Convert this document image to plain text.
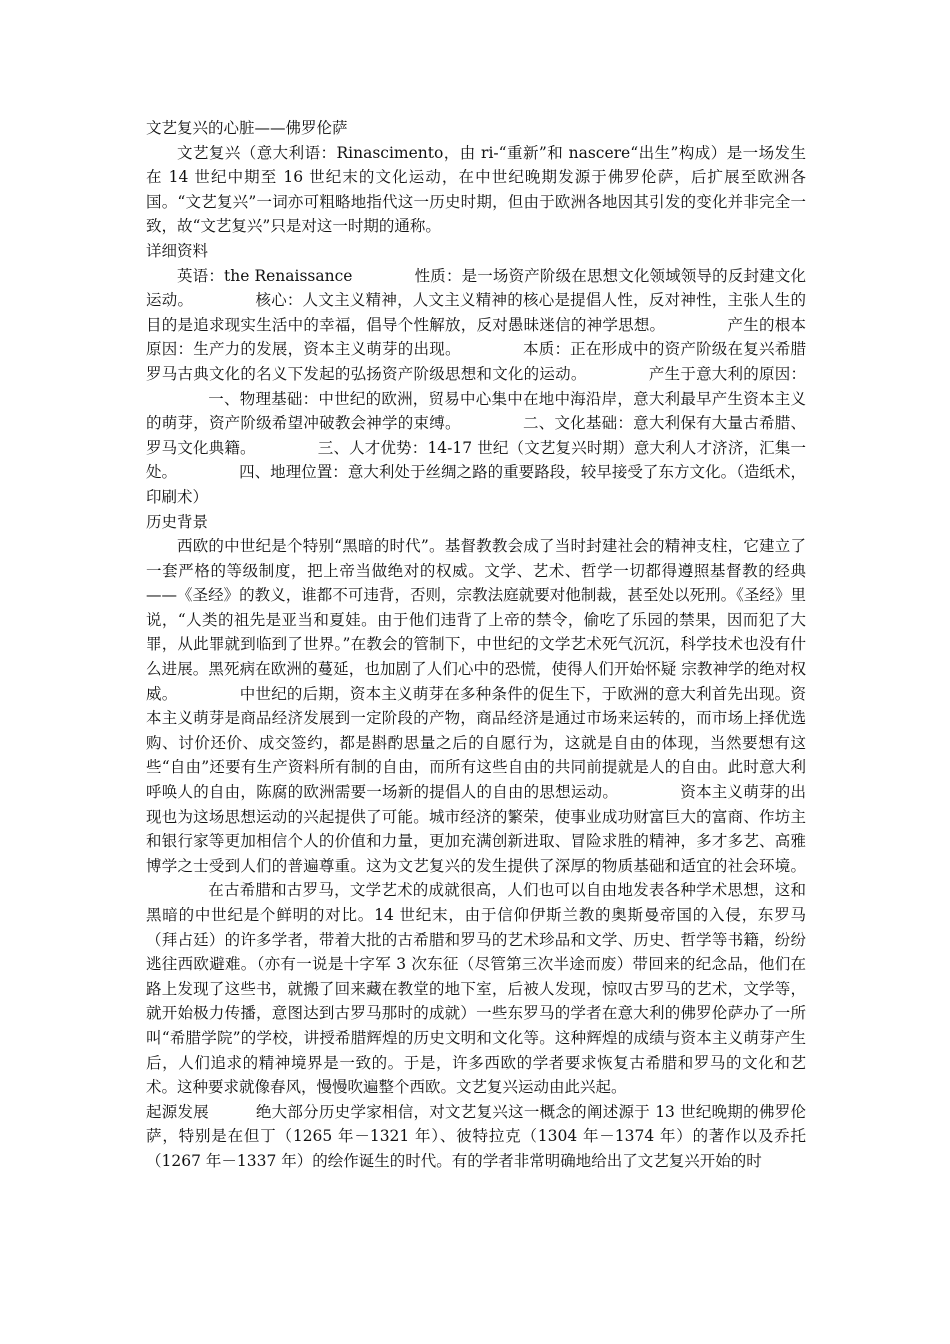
文艺复兴的心脏——佛罗伦萨

文艺复兴（意大利语：Rinascimento，由 ri-“重新”和 nascere“出生”构成）是一场发生在 14 世纪中期至 16 世纪末的文化运动，在中世纪晚期发源于佛罗伦萨，后扩展至欧洲各国。“文艺复兴”一词亦可粗略地指代这一历史时期，但由于欧洲各地因其引发的变化并非完全一致，故“文艺复兴”只是对这一时期的通称。

详细资料

英语：the Renaissance	性质：是一场资产阶级在思想文化领域领导的反封建文化运动。	核心：人文主义精神，人文主义精神的核心是提倡人性，反对神性，主张人生的目的是追求现实生活中的幸福，倡导个性解放，反对愚昧迷信的神学思想。	产生的根本原因：生产力的发展，资本主义萌芽的出现。	本质：正在形成中的资产阶级在复兴希腊罗马古典文化的名义下发起的弘扬资产阶级思想和文化的运动。	产生于意大利的原因：一、物理基础：中世纪的欧洲，贸易中心集中在地中海沿岸，意大利最早产生资本主义的萌芽，资产阶级希望冲破教会神学的束缚。	二、文化基础：意大利保有大量古希腊、罗马文化典籍。	三、人才优势：14-17 世纪（文艺复兴时期）意大利人才济济，汇集一处。	四、地理位置：意大利处于丝绸之路的重要路段，较早接受了东方文化。（造纸术，印刷术）

历史背景

西欧的中世纪是个特别“黑暗的时代”。基督教教会成了当时封建社会的精神支柱，它建立了一套严格的等级制度，把上帝当做绝对的权威。文学、艺术、哲学一切都得遵照基督教的经典——《圣经》的教义，谁都不可违背，否则，宗教法庭就要对他制裁，甚至处以死刑。《圣经》里说，“人类的祖先是亚当和夏娃。由于他们违背了上帝的禁令，偷吃了乐园的禁果，因而犯了大罪，从此罪就到临到了世界。”在教会的管制下，中世纪的文学艺术死气沉沉，科学技术也没有什么进展。黑死病在欧洲的蔓延，也加剧了人们心中的恐慌，使得人们开始怀疑 宗教神学的绝对权威。	中世纪的后期，资本主义萌芽在多种条件的促生下，于欧洲的意大利首先出现。资本主义萌芽是商品经济发展到一定阶段的产物，商品经济是通过市场来运转的，而市场上择优选购、讨价还价、成交签约，都是斟酌思量之后的自愿行为，这就是自由的体现，当然要想有这些“自由”还要有生产资料所有制的自由，而所有这些自由的共同前提就是人的自由。此时意大利呼唤人的自由，陈腐的欧洲需要一场新的提倡人的自由的思想运动。	资本主义萌芽的出现也为这场思想运动的兴起提供了可能。城市经济的繁荣，使事业成功财富巨大的富商、作坊主和银行家等更加相信个人的价值和力量，更加充满创新进取、冒险求胜的精神，多才多艺、高雅博学之士受到人们的普遍尊重。这为文艺复兴的发生提供了深厚的物质基础和适宜的社会环境。在古希腊和古罗马，文学艺术的成就很高，人们也可以自由地发表各种学术思想，这和黑暗的中世纪是个鲜明的对比。14 世纪末，由于信仰伊斯兰教的奥斯曼帝国的入侵，东罗马（拜占廷）的许多学者，带着大批的古希腊和罗马的艺术珍品和文学、历史、哲学等书籍，纷纷逃往西欧避难。（亦有一说是十字军 3 次东征（尽管第三次半途而废）带回来的纪念品，他们在路上发现了这些书，就搬了回来藏在教堂的地下室，后被人发现，惊叹古罗马的艺术，文学等，就开始极力传播，意图达到古罗马那时的成就）一些东罗马的学者在意大利的佛罗伦萨办了一所叫“希腊学院”的学校，讲授希腊辉煌的历史文明和文化等。这种辉煌的成绩与资本主义萌芽产生后，人们追求的精神境界是一致的。于是，许多西欧的学者要求恢复古希腊和罗马的文化和艺术。这种要求就像春风，慢慢吹遍整个西欧。文艺复兴运动由此兴起。

起源发展	绝大部分历史学家相信，对文艺复兴这一概念的阐述源于 13 世纪晚期的佛罗伦萨，特别是在但丁（1265 年－1321 年）、彼特拉克（1304 年－1374 年）的著作以及乔托（1267 年－1337 年）的绘作诞生的时代。有的学者非常明确地给出了文艺复兴开始的时
